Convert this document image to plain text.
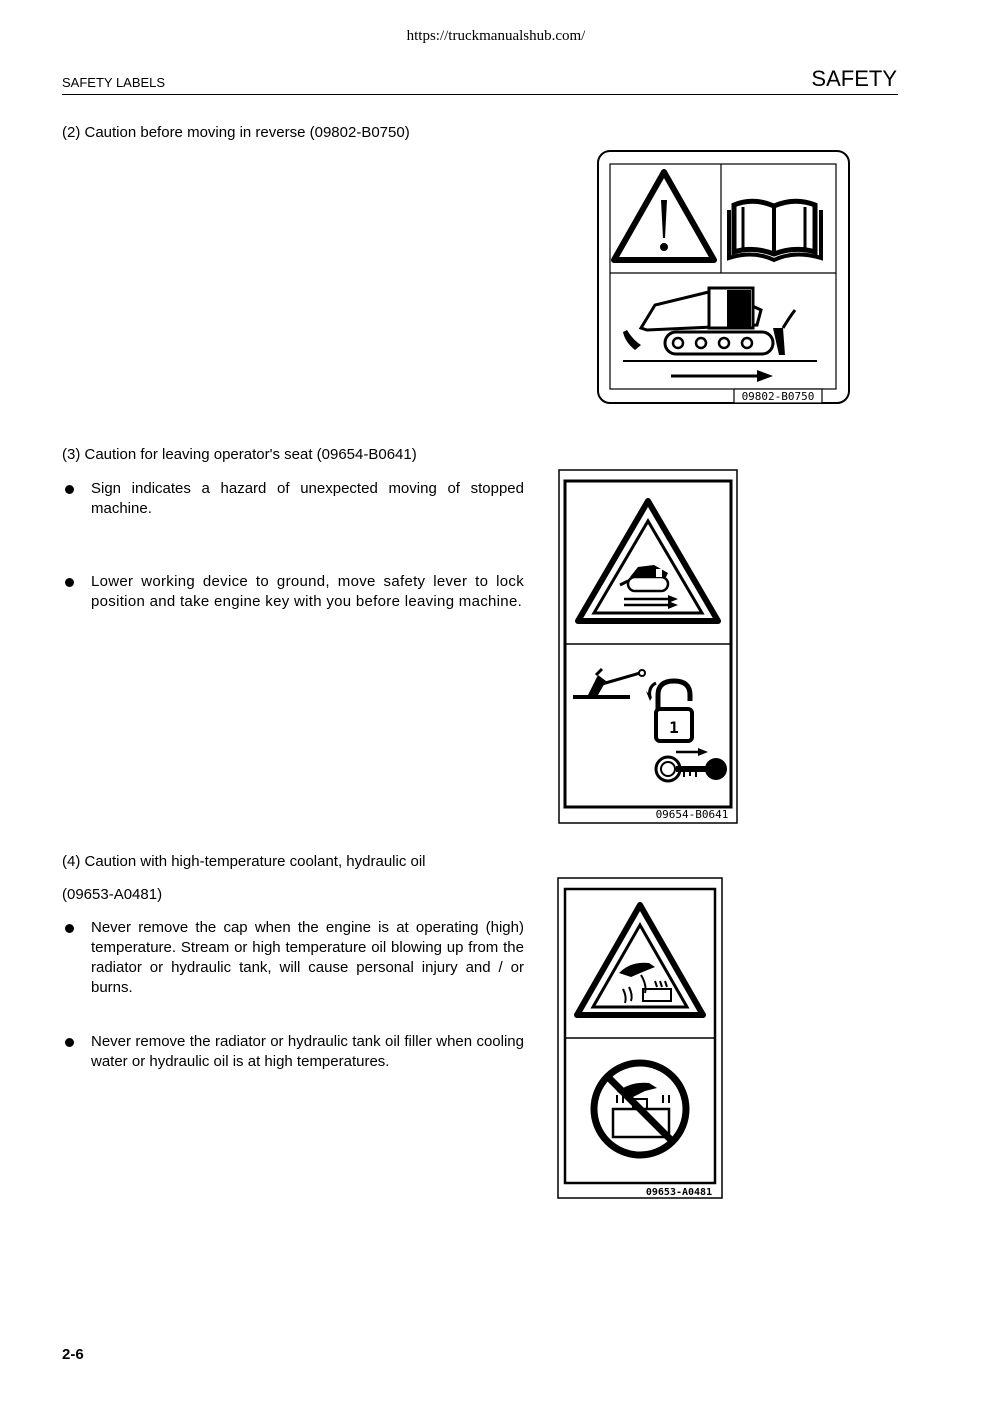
https://truckmanualshub.com/
SAFETY LABELS	SAFETY
(2) Caution before moving in reverse (09802-B0750)
09802-B0750
(3) Caution for leaving operator's seat (09654-B0641)
Sign indicates a hazard of unexpected moving of stopped machine.
Lower working device to ground, move safety lever to lock position and take engine key with you before leaving machine.
1
09654-B0641
(4) Caution with high-temperature coolant, hydraulic oil
(09653-A0481)
Never remove the cap when the engine is at operating (high) temperature. Stream or high temperature oil blowing up from the radiator or hydraulic tank, will cause personal injury and / or burns.
Never remove the radiator or hydraulic tank oil filler when cooling water or hydraulic oil is at high temperatures.
09653-A0481
2-6
